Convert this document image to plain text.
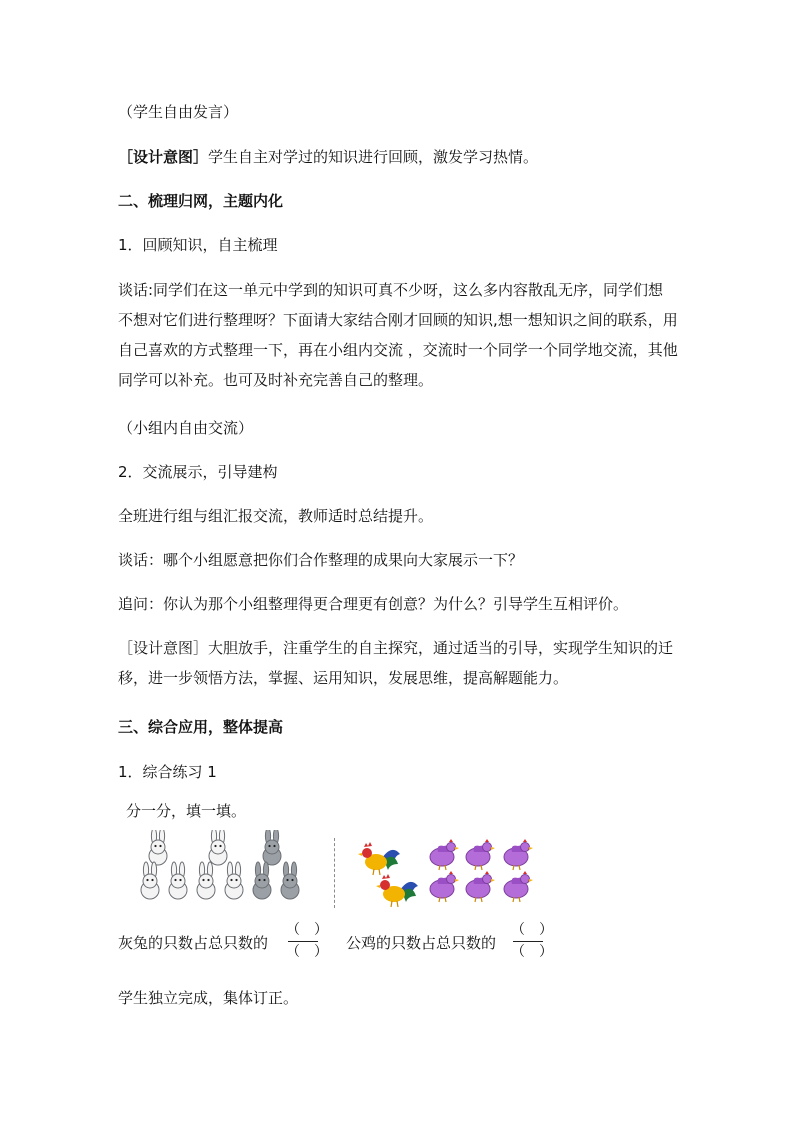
（学生自由发言）
［设计意图］学生自主对学过的知识进行回顾，激发学习热情。
二、梳理归网，主题内化
1．回顾知识，自主梳理
谈话:同学们在这一单元中学到的知识可真不少呀，这么多内容散乱无序，同学们想不想对它们进行整理呀？下面请大家结合刚才回顾的知识,想一想知识之间的联系，用自己喜欢的方式整理一下，再在小组内交流 ，交流时一个同学一个同学地交流，其他同学可以补充。也可及时补充完善自己的整理。
（小组内自由交流）
2．交流展示，引导建构
全班进行组与组汇报交流，教师适时总结提升。
谈话：哪个小组愿意把你们合作整理的成果向大家展示一下？
追问：你认为那个小组整理得更合理更有创意？为什么？引导学生互相评价。
［设计意图］大胆放手，注重学生的自主探究，通过适当的引导，实现学生知识的迁移，进一步领悟方法，掌握、运用知识，发展思维，提高解题能力。
三、综合应用，整体提高
1．综合练习 1
分一分，填一填。
灰兔的只数占总只数的
（　）
（　） 公鸡的只数占总只数的
（　）
（　）
学生独立完成，集体订正。
